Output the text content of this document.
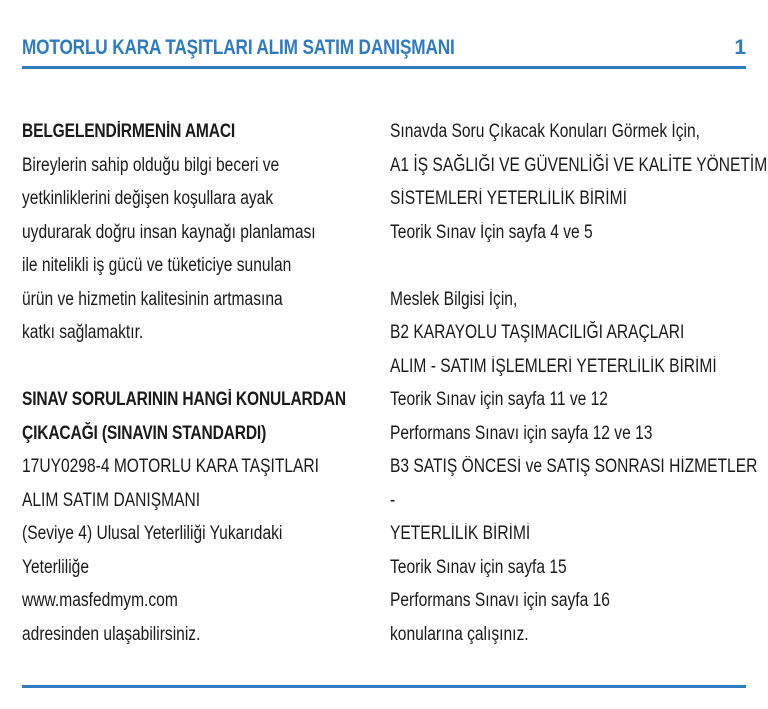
MOTORLU KARA TAŞITLARI ALIM SATIM DANIŞMANI	1
BELGELENDİRMENİN AMACI
Bireylerin sahip olduğu bilgi beceri ve
yetkinliklerini değişen koşullara ayak
uydurarak doğru insan kaynağı planlaması
ile nitelikli iş gücü ve tüketiciye sunulan
ürün ve hizmetin kalitesinin artmasına
katkı sağlamaktır.
SINAV SORULARININ HANGİ KONULARDAN
ÇIKACAĞI (SINAVIN STANDARDI)
17UY0298-4 MOTORLU KARA TAŞITLARI
ALIM SATIM DANIŞMANI
(Seviye 4) Ulusal Yeterliliği Yukarıdaki
Yeterliliğe
www.masfedmym.com
adresinden ulaşabilirsiniz.
Sınavda Soru Çıkacak Konuları Görmek İçin,
A1 İŞ SAĞLIĞI VE GÜVENLİĞİ VE KALİTE YÖNETİM
SİSTEMLERİ YETERLİLİK BİRİMİ
Teorik Sınav İçin sayfa 4 ve 5
Meslek Bilgisi İçin,
B2 KARAYOLU TAŞIMACILIĞI ARAÇLARI
ALIM - SATIM İŞLEMLERİ YETERLİLİK BİRİMİ
Teorik Sınav için sayfa 11 ve 12
Performans Sınavı için sayfa 12 ve 13
B3 SATIŞ ÖNCESİ ve SATIŞ SONRASI HİZMETLER
-
YETERLİLİK BİRİMİ
Teorik Sınav için sayfa 15
Performans Sınavı için sayfa 16
konularına çalışınız.
